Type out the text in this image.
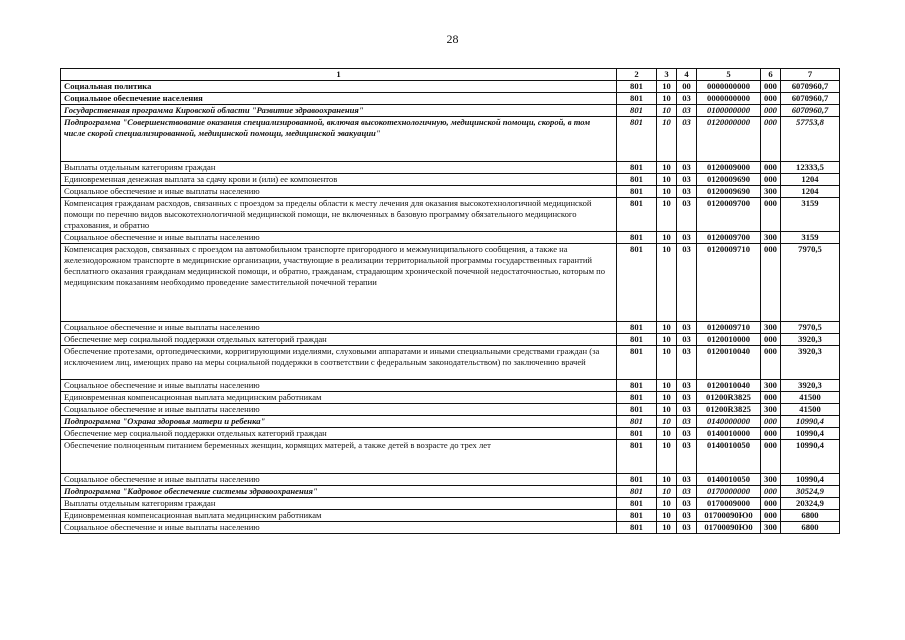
28
1	2	3	4	5	6	7
Социальная политика	801	10	00	0000000000	000	6070960,7
Социальное обеспечение населения	801	10	03	0000000000	000	6070960,7
Государственная программа Кировской области "Развитие здравоохранения"	801	10	03	0100000000	000	6070960,7
Подпрограмма "Совершенствование оказания специализированной, включая высокотехнологичную, медицинской помощи, скорой, в том числе скорой специализированной, медицинской помощи, медицинской эвакуации"	801	10	03	0120000000	000	57753,8
Выплаты отдельным категориям граждан	801	10	03	0120009000	000	12333,5
Единовременная денежная выплата за сдачу крови и (или) ее компонентов	801	10	03	0120009690	000	1204
Социальное обеспечение и иные выплаты населению	801	10	03	0120009690	300	1204
Компенсация гражданам расходов, связанных с проездом за пределы области к месту лечения для оказания высокотехнологичной медицинской помощи по перечню видов высокотехнологичной медицинской помощи, не включенных в базовую программу обязательного медицинского страхования, и обратно	801	10	03	0120009700	000	3159
Социальное обеспечение и иные выплаты населению	801	10	03	0120009700	300	3159
Компенсация расходов, связанных с проездом на автомобильном транспорте пригородного и межмуниципального сообщения, а также на железнодорожном транспорте в медицинские организации, участвующие в реализации территориальной программы государственных гарантий бесплатного оказания гражданам медицинской помощи, и обратно, гражданам, страдающим хронической почечной недостаточностью, которым по медицинским показаниям необходимо проведение заместительной почечной терапии	801	10	03	0120009710	000	7970,5
Социальное обеспечение и иные выплаты населению	801	10	03	0120009710	300	7970,5
Обеспечение мер социальной поддержки отдельных категорий граждан	801	10	03	0120010000	000	3920,3
Обеспечение протезами, ортопедическими, корригирующими изделиями, слуховыми аппаратами и иными специальными средствами граждан (за исключением лиц, имеющих право на меры социальной поддержки в соответствии с федеральным законодательством) по заключению врачей	801	10	03	0120010040	000	3920,3
Социальное обеспечение и иные выплаты населению	801	10	03	0120010040	300	3920,3
Единовременная компенсационная выплата медицинским работникам	801	10	03	01200R3825	000	41500
Социальное обеспечение и иные выплаты населению	801	10	03	01200R3825	300	41500
Подпрограмма "Охрана здоровья матери и ребенка"	801	10	03	0140000000	000	10990,4
Обеспечение мер социальной поддержки отдельных категорий граждан	801	10	03	0140010000	000	10990,4
Обеспечение полноценным питанием беременных женщин, кормящих матерей, а также детей в возрасте до трех лет	801	10	03	0140010050	000	10990,4
Социальное обеспечение и иные выплаты населению	801	10	03	0140010050	300	10990,4
Подпрограмма "Кадровое обеспечение системы здравоохранения"	801	10	03	0170000000	000	30524,9
Выплаты отдельным категориям граждан	801	10	03	0170009000	000	20324,9
Единовременная компенсационная выплата медицинским работникам	801	10	03	01700090Ю0	000	6800
Социальное обеспечение и иные выплаты населению	801	10	03	01700090Ю0	300	6800
